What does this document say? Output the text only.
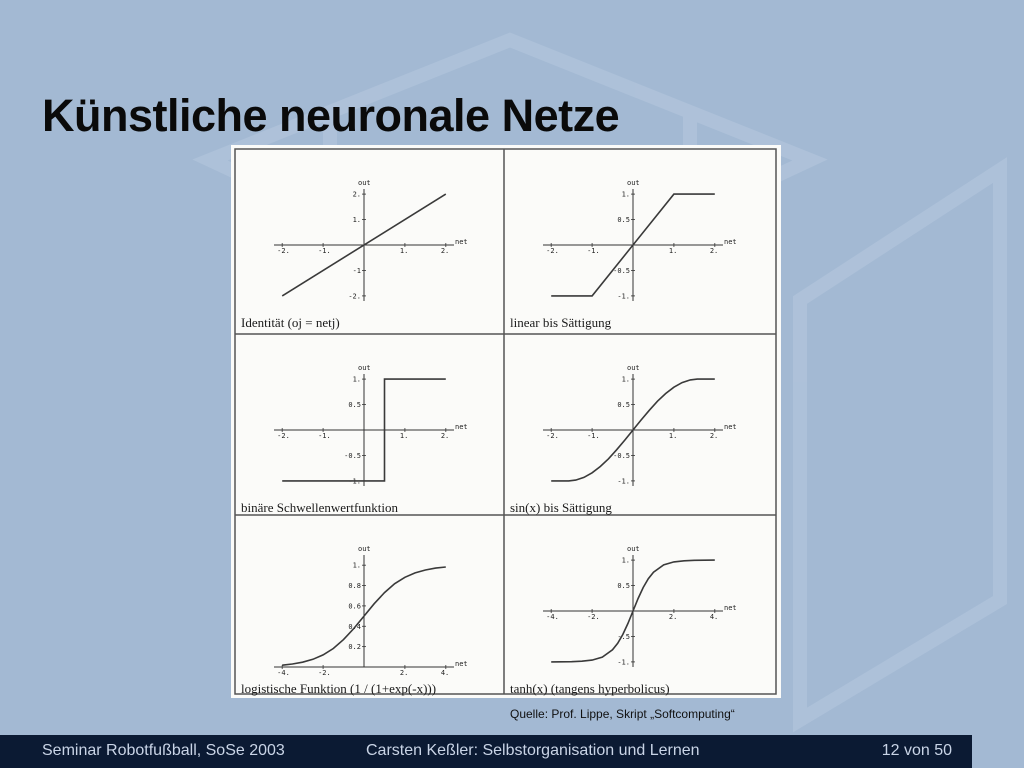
Künstliche neuronale Netze
net
out
-2.	-1.	1.	2.
2.
1.
-1
-2.
Identität (oj = netj)
net
out
-2.	-1.	1.	2.
1.
0.5
-0.5
-1.
linear bis Sättigung
net
out
-2.	-1.	1.	2.
1.
0.5
-0.5
-1.
binäre Schwellenwertfunktion
net
out
-2.	-1.	1.	2.
1.
0.5
-0.5
-1.
sin(x) bis Sättigung
net
out
-4.	-2.	2.	4.
1.
0.8
0.6
0.4
0.2
logistische Funktion (1 / (1+exp(-x)))
net
out
-4.	-2.	2.	4.
1.
0.5
-.5
-1.
tanh(x) (tangens hyperbolicus)
Quelle: Prof. Lippe, Skript „Softcomputing“
Seminar Robotfußball, SoSe 2003	Carsten Keßler: Selbstorganisation und Lernen	12 von 50
